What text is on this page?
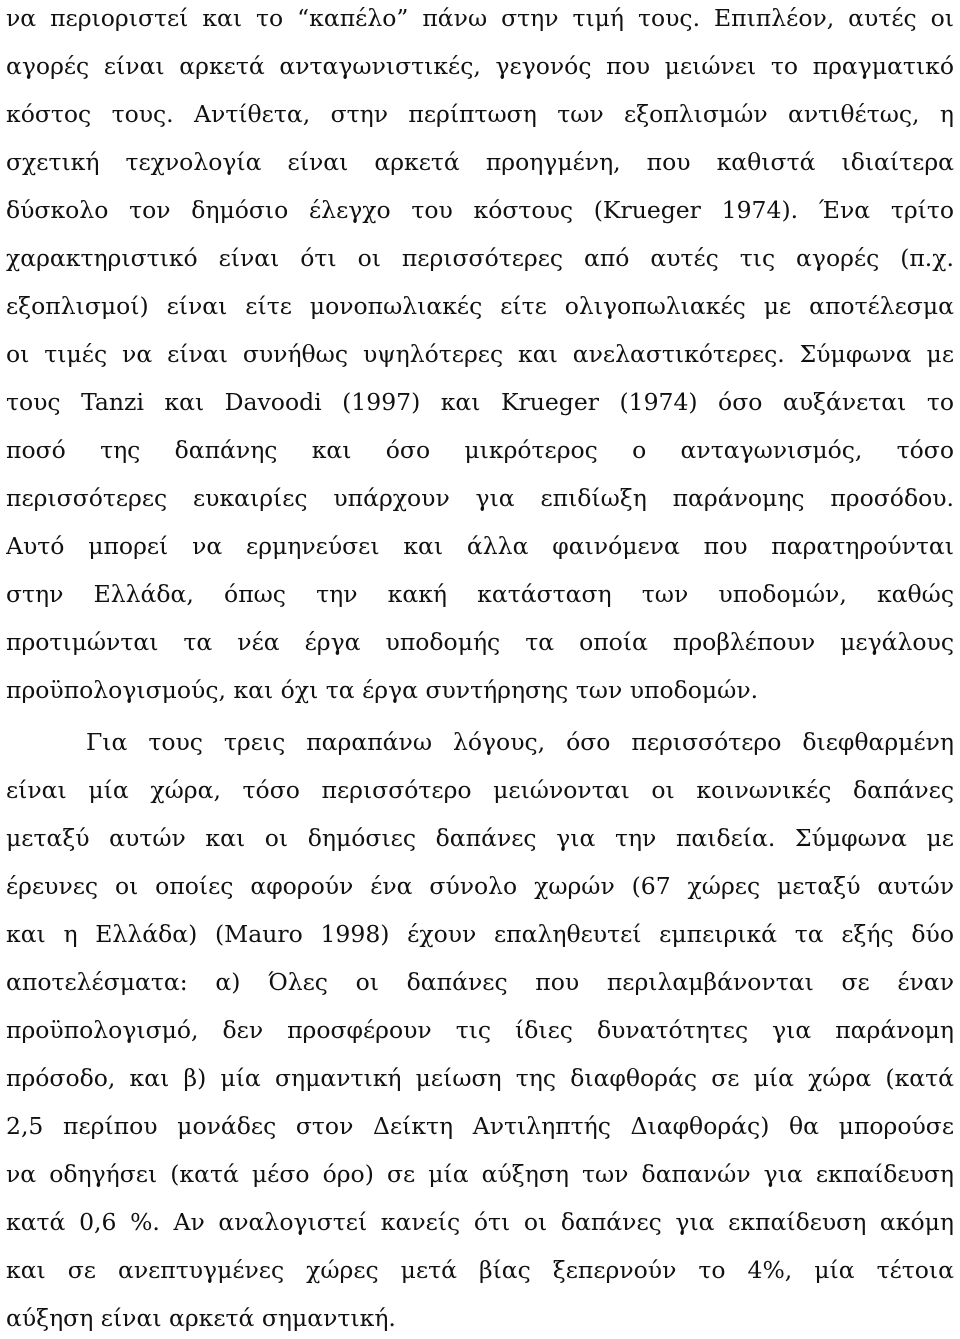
να περιοριστεί και το “καπέλο” πάνω στην τιμή τους. Επιπλέον, αυτές οι
αγορές είναι αρκετά ανταγωνιστικές, γεγονός που μειώνει το πραγματικό
κόστος τους. Αντίθετα, στην περίπτωση των εξοπλισμών αντιθέτως, η
σχετική τεχνολογία είναι αρκετά προηγμένη, που καθιστά ιδιαίτερα
δύσκολο τον δημόσιο έλεγχο του κόστους (Krueger 1974). Ένα τρίτο
χαρακτηριστικό είναι ότι οι περισσότερες από αυτές τις αγορές (π.χ.
εξοπλισμοί) είναι είτε μονοπωλιακές είτε ολιγοπωλιακές με αποτέλεσμα
οι τιμές να είναι συνήθως υψηλότερες και ανελαστικότερες. Σύμφωνα με
τους Tanzi και Davoodi (1997) και Krueger (1974) όσο αυξάνεται το
ποσό της δαπάνης και όσο μικρότερος ο ανταγωνισμός, τόσο
περισσότερες ευκαιρίες υπάρχουν για επιδίωξη παράνομης προσόδου.
Αυτό μπορεί να ερμηνεύσει και άλλα φαινόμενα που παρατηρούνται
στην Ελλάδα, όπως την κακή κατάσταση των υποδομών, καθώς
προτιμώνται τα νέα έργα υποδομής τα οποία προβλέπουν μεγάλους
προϋπολογισμούς, και όχι τα έργα συντήρησης των υποδομών.
Για τους τρεις παραπάνω λόγους, όσο περισσότερο διεφθαρμένη
είναι μία χώρα, τόσο περισσότερο μειώνονται οι κοινωνικές δαπάνες
μεταξύ αυτών και οι δημόσιες δαπάνες για την παιδεία. Σύμφωνα με
έρευνες οι οποίες αφορούν ένα σύνολο χωρών (67 χώρες μεταξύ αυτών
και η Ελλάδα) (Mauro 1998) έχουν επαληθευτεί εμπειρικά τα εξής δύο
αποτελέσματα: α) Όλες οι δαπάνες που περιλαμβάνονται σε έναν
προϋπολογισμό, δεν προσφέρουν τις ίδιες δυνατότητες για παράνομη
πρόσοδο, και β) μία σημαντική μείωση της διαφθοράς σε μία χώρα (κατά
2,5 περίπου μονάδες στον Δείκτη Αντιληπτής Διαφθοράς) θα μπορούσε
να οδηγήσει (κατά μέσο όρο) σε μία αύξηση των δαπανών για εκπαίδευση
κατά 0,6 %. Αν αναλογιστεί κανείς ότι οι δαπάνες για εκπαίδευση ακόμη
και σε ανεπτυγμένες χώρες μετά βίας ξεπερνούν το 4%, μία τέτοια
αύξηση είναι αρκετά σημαντική.
